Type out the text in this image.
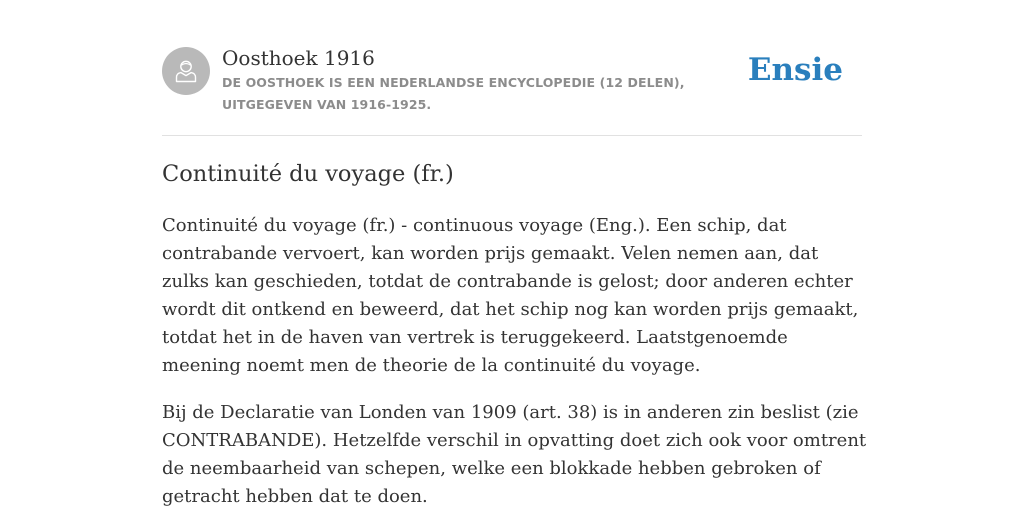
Oosthoek 1916
DE OOSTHOEK IS EEN NEDERLANDSE ENCYCLOPEDIE (12 DELEN), UITGEGEVEN VAN 1916-1925.
Ensie
Continuité du voyage (fr.)

Continuité du voyage (fr.) - continuous voyage (Eng.). Een schip, dat contrabande vervoert, kan worden prijs gemaakt. Velen nemen aan, dat zulks kan geschieden, totdat de contrabande is gelost; door anderen echter wordt dit ontkend en beweerd, dat het schip nog kan worden prijs gemaakt, totdat het in de haven van vertrek is teruggekeerd. Laatstgenoemde meening noemt men de theorie de la continuité du voyage.

Bij de Declaratie van Londen van 1909 (art. 38) is in anderen zin beslist (zie CONTRABANDE). Hetzelfde verschil in opvatting doet zich ook voor omtrent de neembaarheid van schepen, welke een blokkade hebben gebroken of getracht hebben dat te doen.
